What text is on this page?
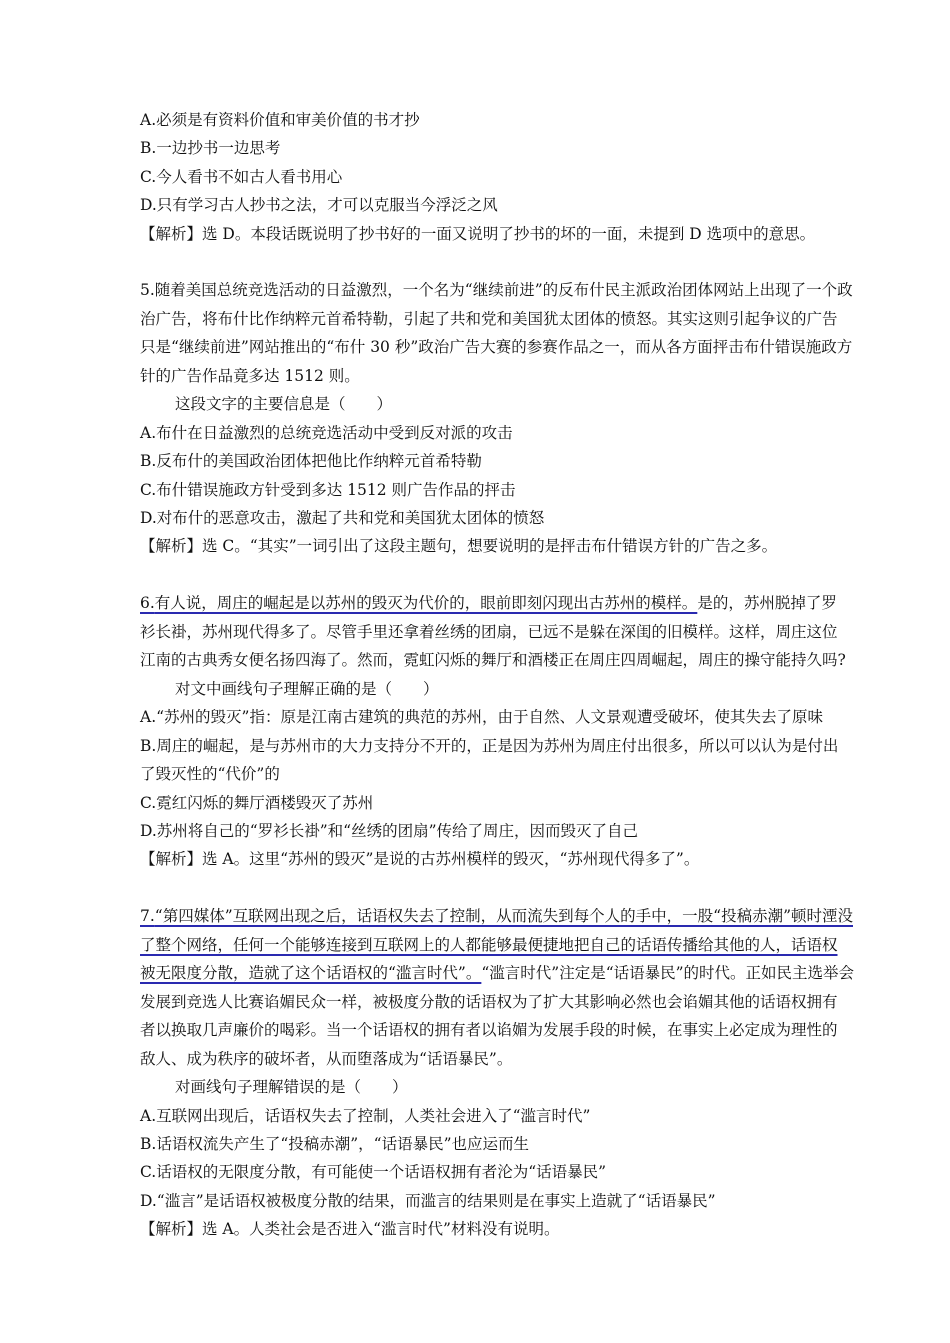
A.必须是有资料价值和审美价值的书才抄
B.一边抄书一边思考
C.今人看书不如古人看书用心
D.只有学习古人抄书之法，才可以克服当今浮泛之风
【解析】选 D。本段话既说明了抄书好的一面又说明了抄书的坏的一面，未提到 D 选项中的意思。
5.随着美国总统竞选活动的日益激烈，一个名为“继续前进”的反布什民主派政治团体网站上出现了一个政
治广告，将布什比作纳粹元首希特勒，引起了共和党和美国犹太团体的愤怒。其实这则引起争议的广告
只是“继续前进”网站推出的“布什 30 秒”政治广告大赛的参赛作品之一，而从各方面抨击布什错误施政方
针的广告作品竟多达 1512 则。
这段文字的主要信息是（　　）
A.布什在日益激烈的总统竞选活动中受到反对派的攻击
B.反布什的美国政治团体把他比作纳粹元首希特勒
C.布什错误施政方针受到多达 1512 则广告作品的抨击
D.对布什的恶意攻击，激起了共和党和美国犹太团体的愤怒
【解析】选 C。“其实”一词引出了这段主题句，想要说明的是抨击布什错误方针的广告之多。
6.有人说，周庄的崛起是以苏州的毁灭为代价的，眼前即刻闪现出古苏州的模样。是的，苏州脱掉了罗
衫长褂，苏州现代得多了。尽管手里还拿着丝绣的团扇，已远不是躲在深闺的旧模样。这样，周庄这位
江南的古典秀女便名扬四海了。然而，霓虹闪烁的舞厅和酒楼正在周庄四周崛起，周庄的操守能持久吗?
对文中画线句子理解正确的是（　　）
A.“苏州的毁灭”指：原是江南古建筑的典范的苏州，由于自然、人文景观遭受破坏，使其失去了原味
B.周庄的崛起，是与苏州市的大力支持分不开的，正是因为苏州为周庄付出很多，所以可以认为是付出
了毁灭性的“代价”的
C.霓红闪烁的舞厅酒楼毁灭了苏州
D.苏州将自己的“罗衫长褂”和“丝绣的团扇”传给了周庄，因而毁灭了自己
【解析】选 A。这里“苏州的毁灭”是说的古苏州模样的毁灭，“苏州现代得多了”。
7.“第四媒体”互联网出现之后，话语权失去了控制，从而流失到每个人的手中，一股“投稿赤潮”顿时湮没
了整个网络，任何一个能够连接到互联网上的人都能够最便捷地把自己的话语传播给其他的人，话语权
被无限度分散，造就了这个话语权的“滥言时代”。“滥言时代”注定是“话语暴民”的时代。正如民主选举会
发展到竞选人比赛谄媚民众一样，被极度分散的话语权为了扩大其影响必然也会谄媚其他的话语权拥有
者以换取几声廉价的喝彩。当一个话语权的拥有者以谄媚为发展手段的时候，在事实上必定成为理性的
敌人、成为秩序的破坏者，从而堕落成为“话语暴民”。
对画线句子理解错误的是（　　）
A.互联网出现后，话语权失去了控制，人类社会进入了“滥言时代”
B.话语权流失产生了“投稿赤潮”，“话语暴民”也应运而生
C.话语权的无限度分散，有可能使一个话语权拥有者沦为“话语暴民”
D.“滥言”是话语权被极度分散的结果，而滥言的结果则是在事实上造就了“话语暴民”
【解析】选 A。人类社会是否进入“滥言时代”材料没有说明。
